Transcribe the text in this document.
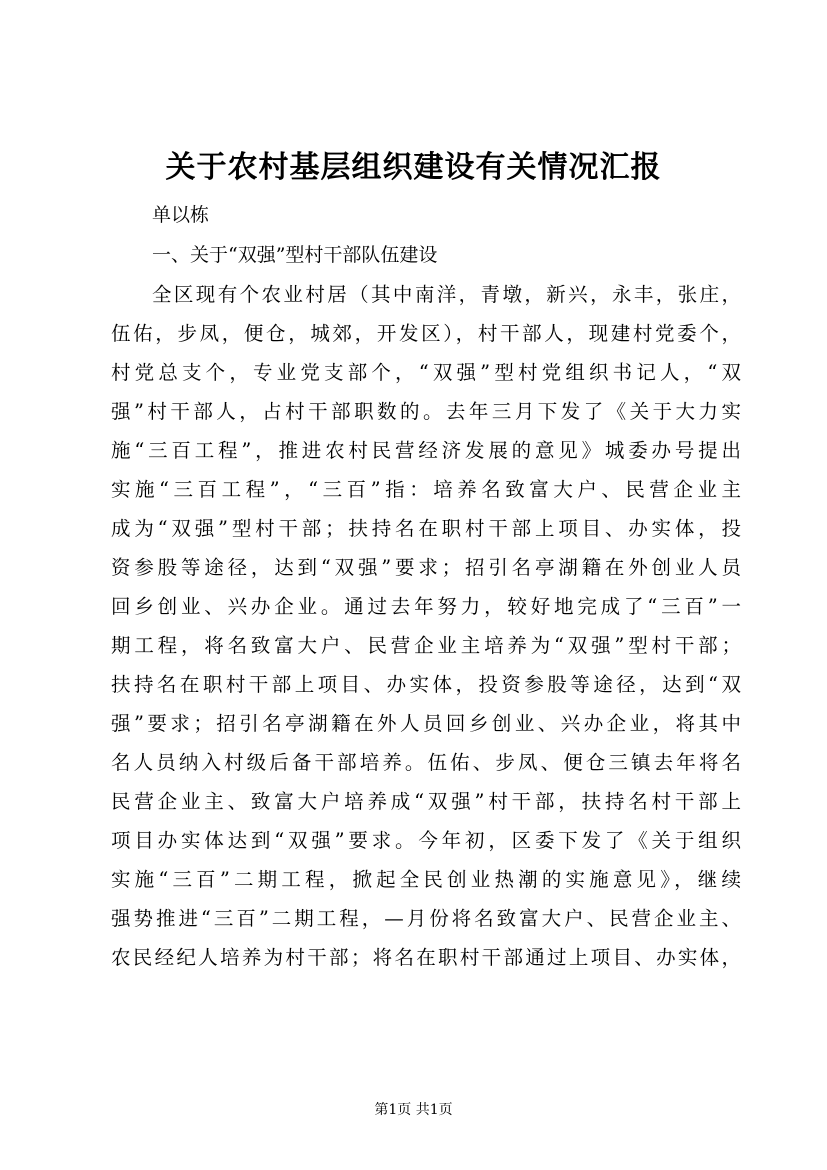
关于农村基层组织建设有关情况汇报

单以栋

一、关于“双强”型村干部队伍建设

全区现有个农业村居（其中南洋，青墩，新兴，永丰，张庄，
伍佑，步凤，便仓，城郊，开发区），村干部人，现建村党委个，
村党总支个，专业党支部个，“双强”型村党组织书记人，“双
强”村干部人，占村干部职数的。去年三月下发了《关于大力实
施“三百工程”，推进农村民营经济发展的意见》城委办号提出
实施“三百工程”，“三百”指：培养名致富大户、民营企业主
成为“双强”型村干部；扶持名在职村干部上项目、办实体，投
资参股等途径，达到“双强”要求；招引名亭湖籍在外创业人员
回乡创业、兴办企业。通过去年努力，较好地完成了“三百”一
期工程，将名致富大户、民营企业主培养为“双强”型村干部；
扶持名在职村干部上项目、办实体，投资参股等途径，达到“双
强”要求；招引名亭湖籍在外人员回乡创业、兴办企业，将其中
名人员纳入村级后备干部培养。伍佑、步凤、便仓三镇去年将名
民营企业主、致富大户培养成“双强”村干部，扶持名村干部上
项目办实体达到“双强”要求。今年初，区委下发了《关于组织
实施“三百”二期工程，掀起全民创业热潮的实施意见》，继续
强势推进“三百”二期工程，—月份将名致富大户、民营企业主、
农民经纪人培养为村干部；将名在职村干部通过上项目、办实体，

第1页 共1页
